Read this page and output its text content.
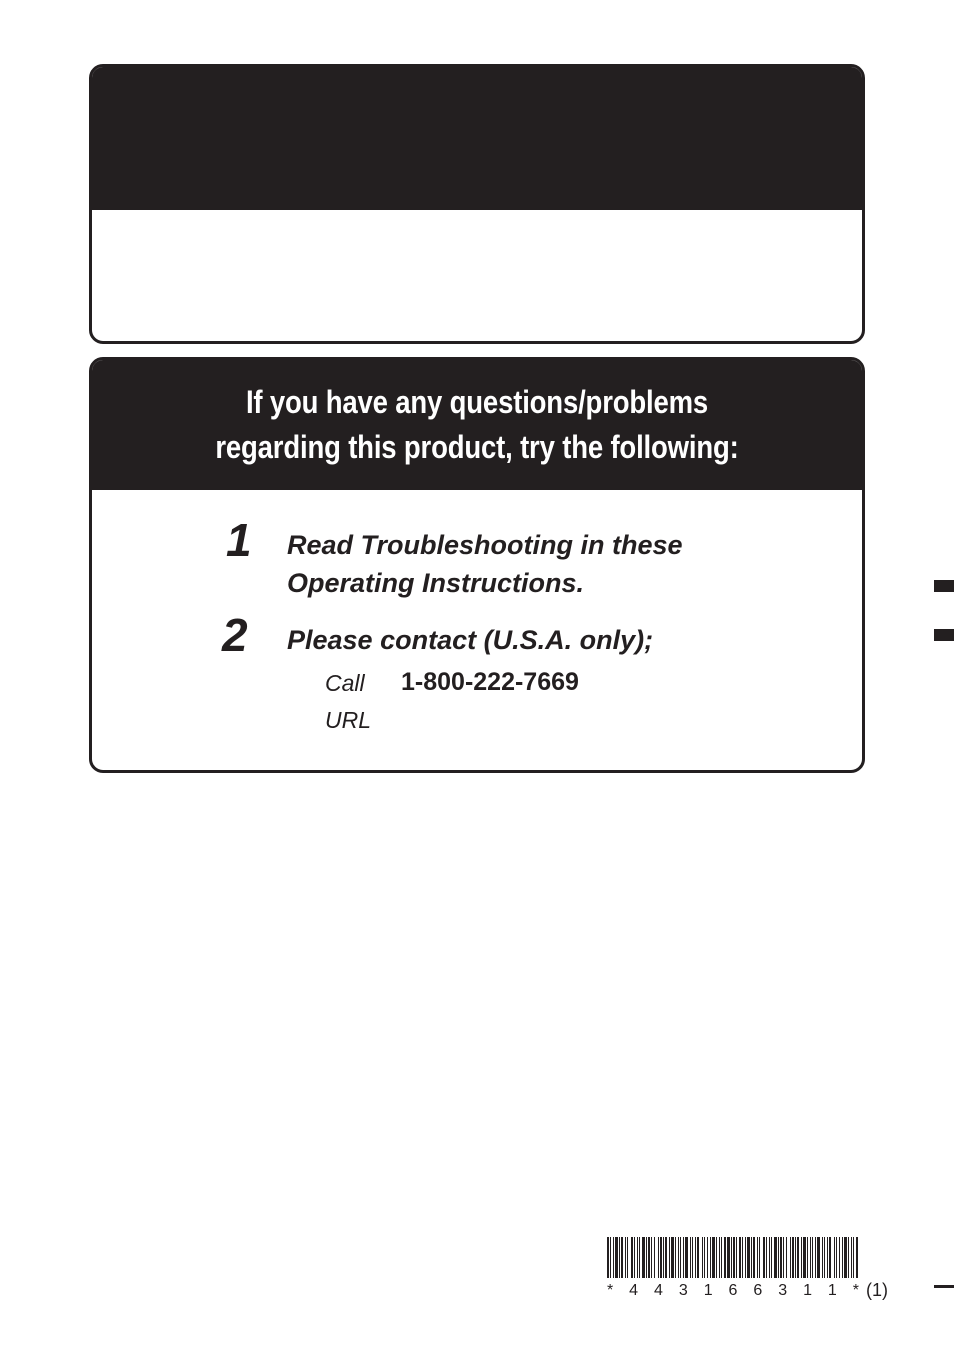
If you have any questions/problems
regarding this product, try the following:
1 Read Troubleshooting in these
Operating Instructions.
2 Please contact (U.S.A. only);
Call 1-800-222-7669
URL
* 4 4 3 1 6 6 3 1 1 * (1)
